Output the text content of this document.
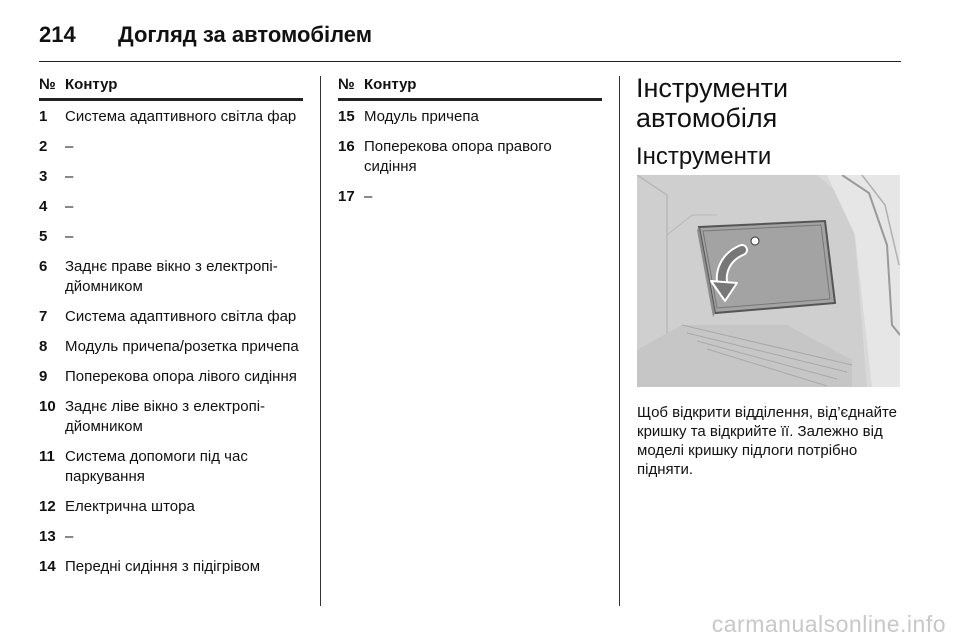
214 Догляд за автомобілем
№ Контур
1	Система адаптивного світла фар
2	–
3	–
4	–
5	–
6	Заднє праве вікно з електропідйомником
7	Система адаптивного світла фар
8	Модуль причепа/розетка причепа
9	Поперекова опора лівого сидіння
10 Заднє ліве вікно з електропідйомником
11 Система допомоги під час паркування
12 Електрична штора
13 –
14 Передні сидіння з підігрівом
№ Контур
15 Модуль причепа
16 Поперекова опора правого сидіння
17 –
Інструменти автомобіля
Інструменти
Щоб відкрити відділення, від’єднайте кришку та відкрийте її. Залежно від моделі кришку підлоги потрібно підняти.
carmanualsonline.info
